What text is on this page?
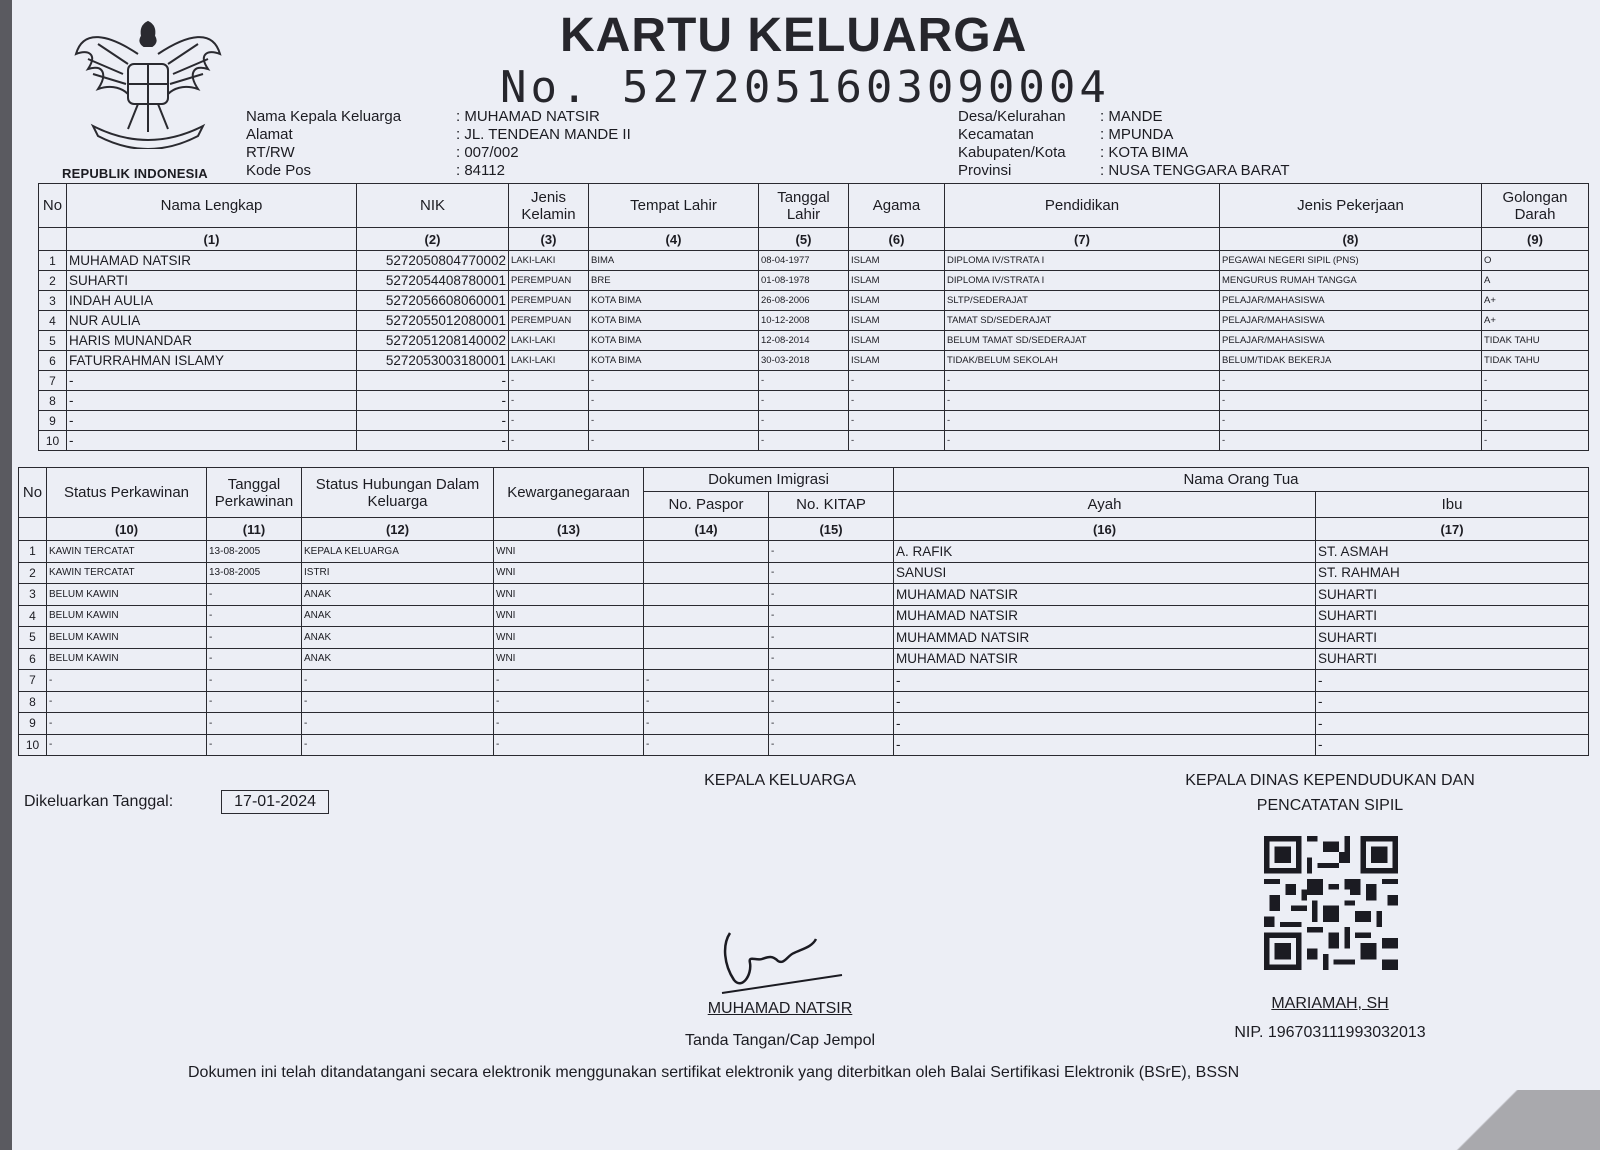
REPUBLIK INDONESIA
KARTU KELUARGA
No. 5272051603090004
Nama Kepala Keluarga	: MUHAMAD NATSIR
Alamat	: JL. TENDEAN MANDE II
RT/RW	: 007/002
Kode Pos	: 84112
Desa/Kelurahan	: MANDE
Kecamatan	: MPUNDA
Kabupaten/Kota	: KOTA BIMA
Provinsi	: NUSA TENGGARA BARAT
No	Nama Lengkap	NIK	Jenis Kelamin	Tempat Lahir	Tanggal Lahir	Agama	Pendidikan	Jenis Pekerjaan	Golongan Darah
	(1)	(2)	(3)	(4)	(5)	(6)	(7)	(8)	(9)
1	MUHAMAD NATSIR	5272050804770002	LAKI-LAKI	BIMA	08-04-1977	ISLAM	DIPLOMA IV/STRATA I	PEGAWAI NEGERI SIPIL (PNS)	O
2	SUHARTI	5272054408780001	PEREMPUAN	BRE	01-08-1978	ISLAM	DIPLOMA IV/STRATA I	MENGURUS RUMAH TANGGA	A
3	INDAH AULIA	5272056608060001	PEREMPUAN	KOTA BIMA	26-08-2006	ISLAM	SLTP/SEDERAJAT	PELAJAR/MAHASISWA	A+
4	NUR AULIA	5272055012080001	PEREMPUAN	KOTA BIMA	10-12-2008	ISLAM	TAMAT SD/SEDERAJAT	PELAJAR/MAHASISWA	A+
5	HARIS MUNANDAR	5272051208140002	LAKI-LAKI	KOTA BIMA	12-08-2014	ISLAM	BELUM TAMAT SD/SEDERAJAT	PELAJAR/MAHASISWA	TIDAK TAHU
6	FATURRAHMAN ISLAMY	5272053003180001	LAKI-LAKI	KOTA BIMA	30-03-2018	ISLAM	TIDAK/BELUM SEKOLAH	BELUM/TIDAK BEKERJA	TIDAK TAHU
7	-	-	-	-	-	-	-	-	-
8	-	-	-	-	-	-	-	-	-
9	-	-	-	-	-	-	-	-	-
10	-	-	-	-	-	-	-	-	-
No	Status Perkawinan	Tanggal Perkawinan	Status Hubungan Dalam Keluarga	Kewarganegaraan	Dokumen Imigrasi		Nama Orang Tua	
					No. Paspor	No. KITAP	Ayah	Ibu
	(10)	(11)	(12)	(13)	(14)	(15)	(16)	(17)
1	KAWIN TERCATAT	13-08-2005	KEPALA KELUARGA	WNI		-	A. RAFIK	ST. ASMAH
2	KAWIN TERCATAT	13-08-2005	ISTRI	WNI		-	SANUSI	ST. RAHMAH
3	BELUM KAWIN	-	ANAK	WNI		-	MUHAMAD NATSIR	SUHARTI
4	BELUM KAWIN	-	ANAK	WNI		-	MUHAMAD NATSIR	SUHARTI
5	BELUM KAWIN	-	ANAK	WNI		-	MUHAMMAD NATSIR	SUHARTI
6	BELUM KAWIN	-	ANAK	WNI		-	MUHAMAD NATSIR	SUHARTI
7	-	-	-	-	-	-	-	-
8	-	-	-	-	-	-	-	-
9	-	-	-	-	-	-	-	-
10	-	-	-	-	-	-	-	-
Dikeluarkan Tanggal:	17-01-2024
KEPALA KELUARGA	KEPALA DINAS KEPENDUDUKAN DAN
PENCATATAN SIPIL
MUHAMAD NATSIR
Tanda Tangan/Cap Jempol
MARIAMAH, SH
NIP. 196703111993032013
Dokumen ini telah ditandatangani secara elektronik menggunakan sertifikat elektronik yang diterbitkan oleh Balai Sertifikasi Elektronik (BSrE), BSSN
